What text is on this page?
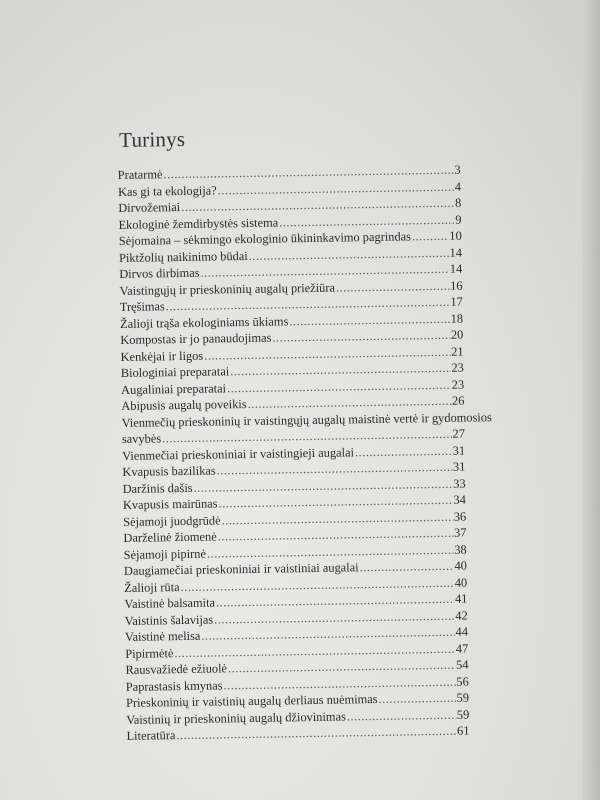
Turinys
Pratarmė .....	3
Kas gi ta ekologija? .....	4
Dirvožemiai .....	8
Ekologinė žemdirbystės sistema .....	9
Sėjomaina – sėkmingo ekologinio ūkininkavimo pagrindas .....	10
Piktžolių naikinimo būdai .....	14
Dirvos dirbimas .....	14
Vaistingųjų ir prieskoninių augalų priežiūra .....	16
Tręšimas .....	17
Žalioji trąša ekologiniams ūkiams .....	18
Kompostas ir jo panaudojimas .....	20
Kenkėjai ir ligos .....	21
Biologiniai preparatai .....	23
Augaliniai preparatai .....	23
Abipusis augalų poveikis .....	26
Vienmečių prieskoninių ir vaistingųjų augalų maistinė vertė ir gydomosios
savybės .....	27
Vienmečiai prieskoniniai ir vaistingieji augalai .....	31
Kvapusis bazilikas .....	31
Daržinis dašis .....	33
Kvapusis mairūnas .....	34
Sėjamoji juodgrūdė .....	36
Darželinė žiomenė .....	37
Sėjamoji pipirnė .....	38
Daugiamečiai prieskoniniai ir vaistiniai augalai .....	40
Žalioji rūta .....	40
Vaistinė balsamita .....	41
Vaistinis šalavijas .....	42
Vaistinė melisa .....	44
Pipirmėtė .....	47
Rausvažiedė ežiuolė .....	54
Paprastasis kmynas .....	56
Prieskoninių ir vaistinių augalų derliaus nuėmimas .....	59
Vaistinių ir prieskoninių augalų džiovinimas .....	59
Literatūra .....	61
